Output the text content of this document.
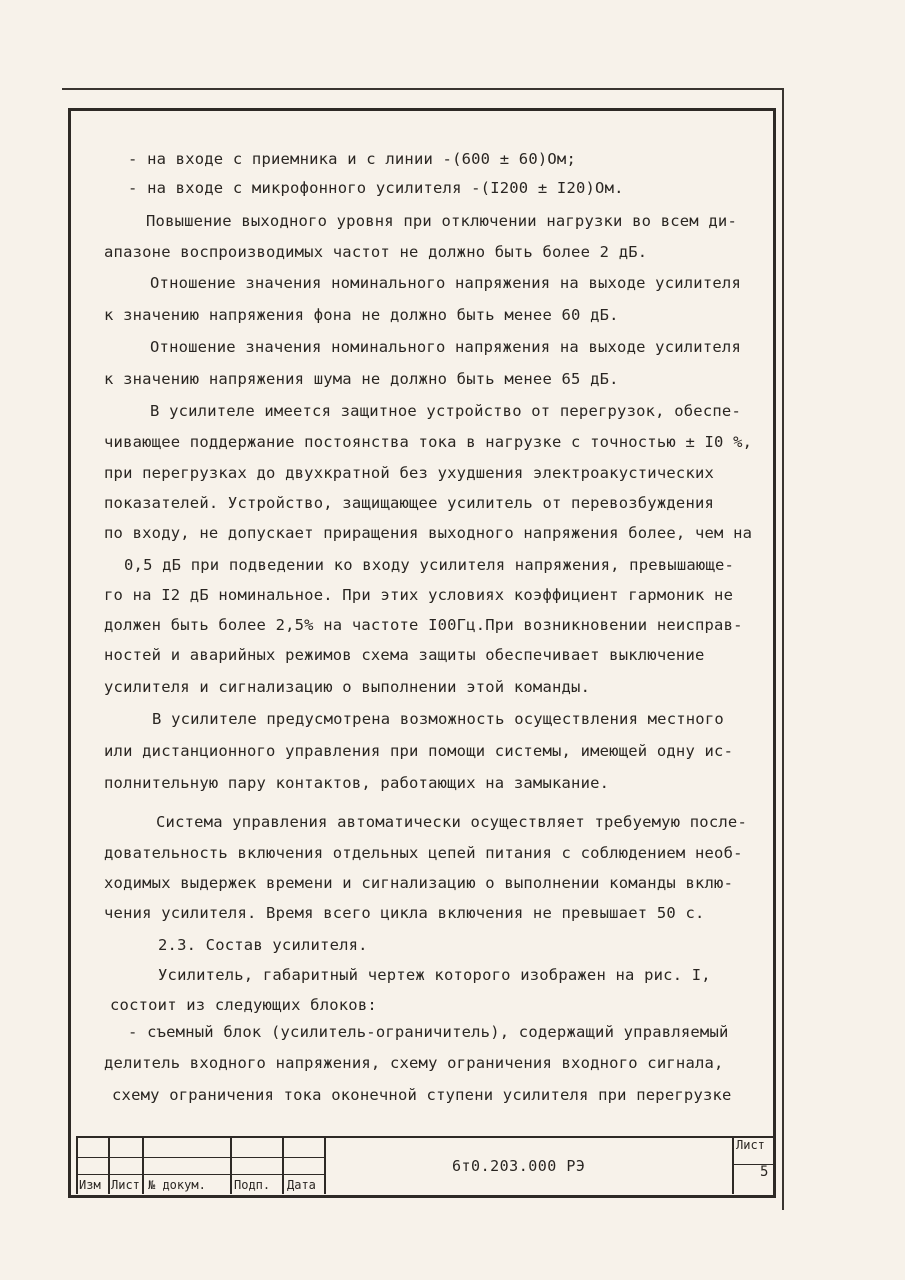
- на входе с приемника и с линии -(600 ± 60)Ом;
- на входе с микрофонного усилителя -(I200 ± I20)Ом.
Повышение выходного уровня при отключении нагрузки во всем ди-
апазоне воспроизводимых частот не должно быть более 2 дБ.
Отношение значения номинального напряжения на выходе усилителя
к значению напряжения фона не должно быть менее 60 дБ.
Отношение значения номинального напряжения на выходе усилителя
к значению напряжения шума не должно быть менее 65 дБ.
В усилителе имеется защитное устройство от перегрузок, обеспе-
чивающее поддержание постоянства тока в нагрузке с точностью ± I0 %,
при перегрузках до двухкратной без ухудшения электроакустических
показателей. Устройство, защищающее усилитель от перевозбуждения
по входу, не допускает приращения выходного напряжения более, чем на
0,5 дБ при подведении ко входу усилителя напряжения, превышающе-
го на I2 дБ номинальное. При этих условиях коэффициент гармоник не
должен быть более 2,5% на частоте I00Гц.При возникновении неисправ-
ностей и аварийных режимов схема защиты обеспечивает выключение
усилителя и сигнализацию о выполнении этой команды.
В усилителе предусмотрена возможность осуществления местного
или дистанционного управления при помощи системы, имеющей одну ис-
полнительную пару контактов, работающих на замыкание.
Система управления автоматически осуществляет требуемую после-
довательность включения отдельных цепей питания с соблюдением необ-
ходимых выдержек времени и сигнализацию о выполнении команды вклю-
чения усилителя. Время всего цикла включения не превышает 50 с.
2.3. Состав усилителя.
Усилитель, габаритный чертеж которого изображен на рис. I,
состоит из следующих блоков:
- съемный блок (усилитель-ограничитель), содержащий управляемый
делитель входного напряжения, схему ограничения входного сигнала,
схему ограничения тока оконечной ступени усилителя при перегрузке
Изм Лист № докум. Подп. Дата
6т0.203.000 РЭ
Лист
5
